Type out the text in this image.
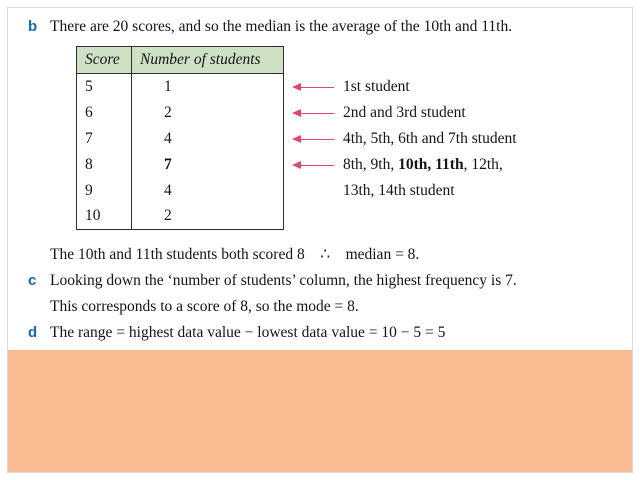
b There are 20 scores, and so the median is the average of the 10th and 11th.
Score	Number of students
5	1
6	2
7	4
8	7
9	4
10	2
1st student
2nd and 3rd student
4th, 5th, 6th and 7th student
8th, 9th, 10th, 11th, 12th,
13th, 14th student
The 10th and 11th students both scored 8 ∴ median = 8.
c Looking down the ‘number of students’ column, the highest frequency is 7.
This corresponds to a score of 8, so the mode = 8.
d The range = highest data value − lowest data value = 10 − 5 = 5
